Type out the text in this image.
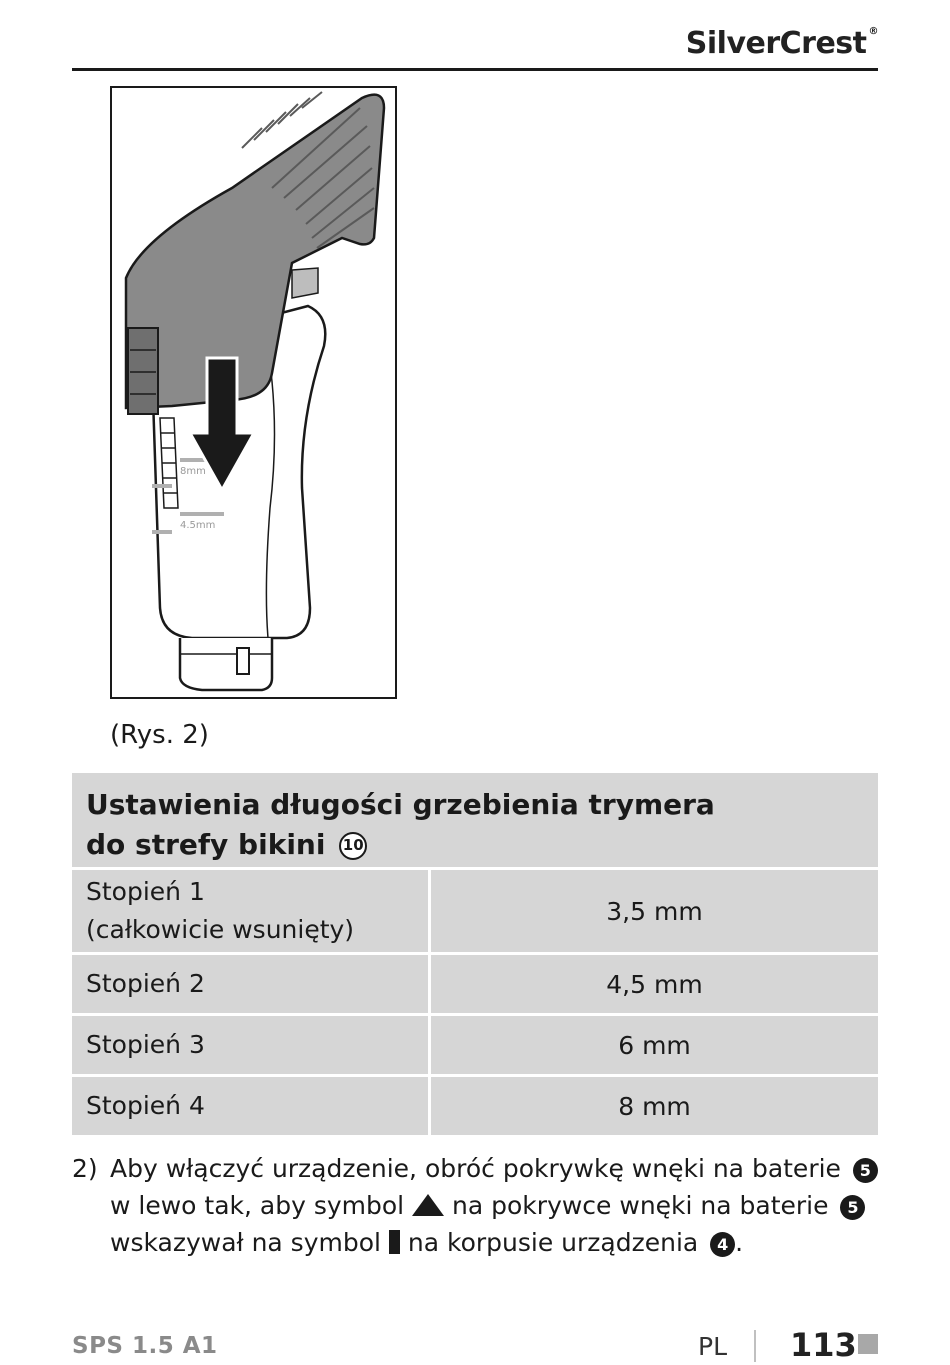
SilverCrest ®
8mm
4.5mm
(Rys. 2)
Ustawienia długości grzebienia trymera
do strefy bikini 10
Stopień 1
(całkowicie wsunięty)
3,5 mm
Stopień 2	4,5 mm
Stopień 3	6 mm
Stopień 4	8 mm
2) Aby włączyć urządzenie, obróć pokrywkę wnęki na baterie 5
w lewo tak, aby symbol na pokrywce wnęki na baterie 5
wskazywał na symbol na korpusie urządzenia 4 .
SPS 1.5 A1	PL 113
